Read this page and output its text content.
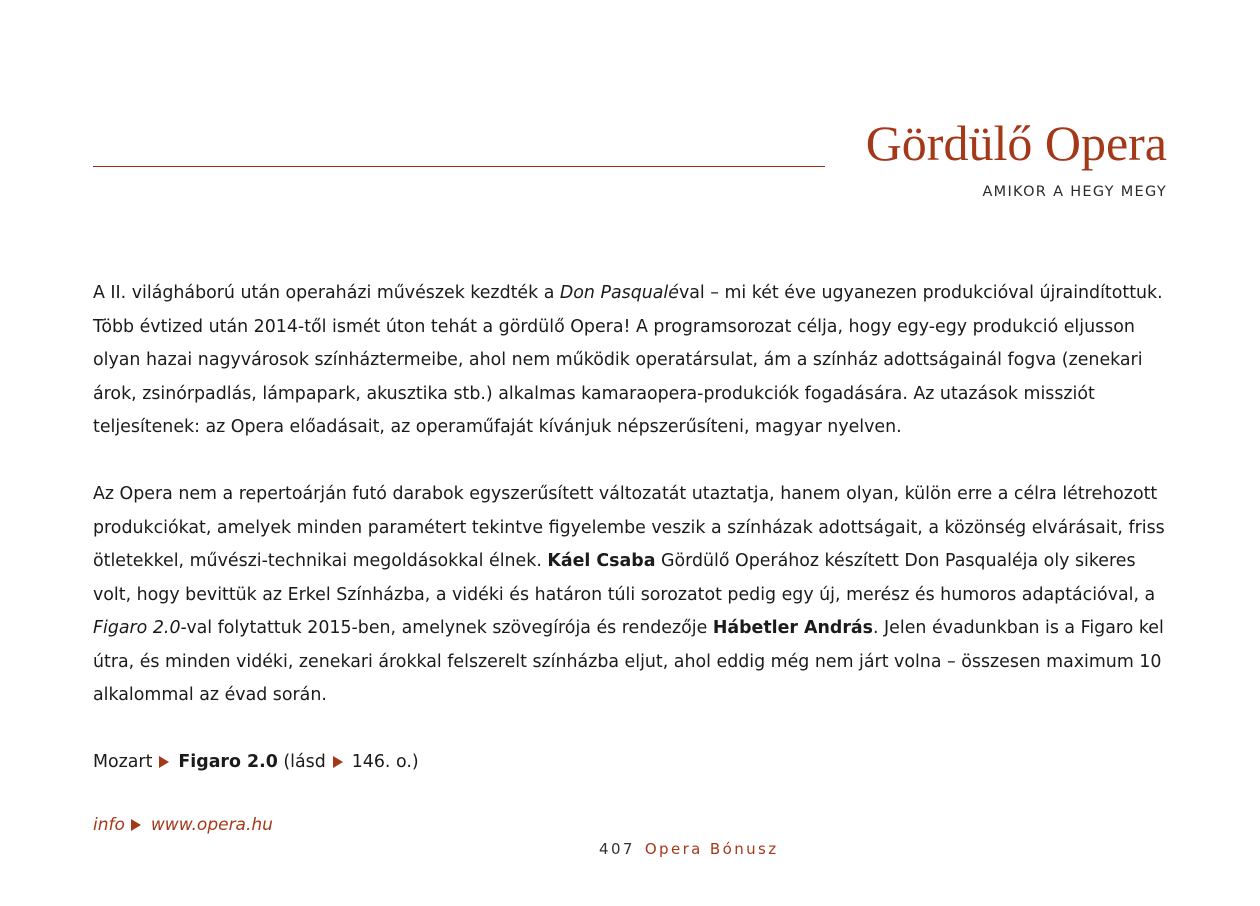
Gördülő Opera
AMIKOR A HEGY MEGY

A II. világháború után operaházi művészek kezdték a Don Pasqualéval – mi két éve ugyanezen produkcióval újraindítottuk. Több évtized után 2014-től ismét úton tehát a gördülő Opera! A programsorozat célja, hogy egy-egy produkció eljusson olyan hazai nagyvárosok színháztermeibe, ahol nem működik operatársulat, ám a színház adottságainál fogva (zenekari árok, zsinórpadlás, lámpapark, akusztika stb.) alkalmas kamaraopera-produkciók fogadására. Az utazások missziót teljesítenek: az Opera előadásait, az operaműfaját kívánjuk népszerűsíteni, magyar nyelven.

Az Opera nem a repertoárján futó darabok egyszerűsített változatát utaztatja, hanem olyan, külön erre a célra létrehozott produkciókat, amelyek minden paramétert tekintve figyelembe veszik a színházak adottságait, a közönség elvárásait, friss ötletekkel, művészi-technikai megoldásokkal élnek. Káel Csaba Gördülő Operához készített Don Pasqualéja oly sikeres volt, hogy bevittük az Erkel Színházba, a vidéki és határon túli sorozatot pedig egy új, merész és humoros adaptációval, a Figaro 2.0-val folytattuk 2015-ben, amelynek szövegírója és rendezője Hábetler András. Jelen évadunkban is a Figaro kel útra, és minden vidéki, zenekari árokkal felszerelt színházba eljut, ahol eddig még nem járt volna – összesen maximum 10 alkalommal az évad során.

Mozart Figaro 2.0 (lásd 146. o.)
info www.opera.hu
407 Opera Bónusz
